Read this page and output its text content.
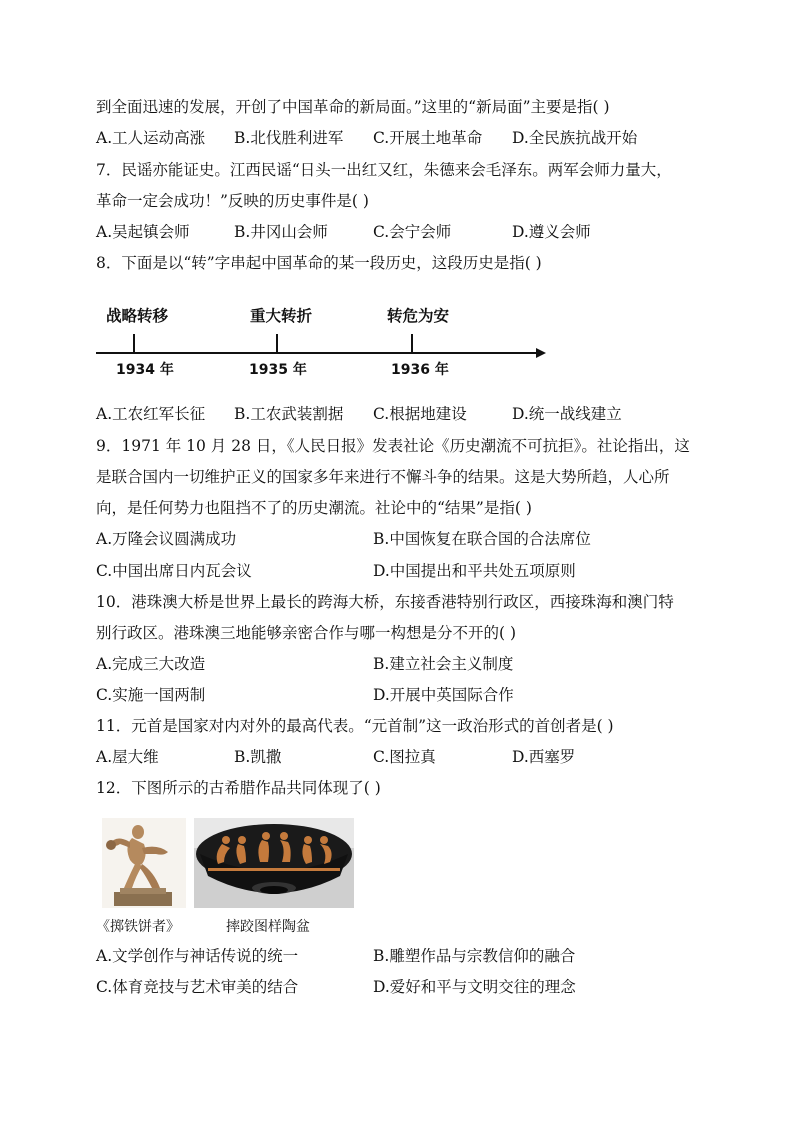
到全面迅速的发展，开创了中国革命的新局面。”这里的“新局面”主要是指( )
A.工人运动高涨 B.北伐胜利进军 C.开展土地革命 D.全民族抗战开始
7．民谣亦能证史。江西民谣“日头一出红又红，朱德来会毛泽东。两军会师力量大，
革命一定会成功！”反映的历史事件是( )
A.吴起镇会师	B.井冈山会师	C.会宁会师	D.遵义会师
8．下面是以“转”字串起中国革命的某一段历史，这段历史是指( )
战略转移	重大转折	转危为安
1934 年	1935 年	1936 年
A.工农红军长征 B.工农武装割据 C.根据地建设	D.统一战线建立
9．1971 年 10 月 28 日，《人民日报》发表社论《历史潮流不可抗拒》。社论指出，这
是联合国内一切维护正义的国家多年来进行不懈斗争的结果。这是大势所趋，人心所
向，是任何势力也阻挡不了的历史潮流。社论中的“结果”是指( )
A.万隆会议圆满成功	B.中国恢复在联合国的合法席位
C.中国出席日内瓦会议	D.中国提出和平共处五项原则
10．港珠澳大桥是世界上最长的跨海大桥，东接香港特别行政区，西接珠海和澳门特
别行政区。港珠澳三地能够亲密合作与哪一构想是分不开的( )
A.完成三大改造	B.建立社会主义制度
C.实施一国两制	D.开展中英国际合作
11．元首是国家对内对外的最高代表。“元首制”这一政治形式的首创者是( )
A.屋大维	B.凯撒	C.图拉真	D.西塞罗
12．下图所示的古希腊作品共同体现了( )
《掷铁饼者》	摔跤图样陶盆
A.文学创作与神话传说的统一	B.雕塑作品与宗教信仰的融合
C.体育竞技与艺术审美的结合	D.爱好和平与文明交往的理念
